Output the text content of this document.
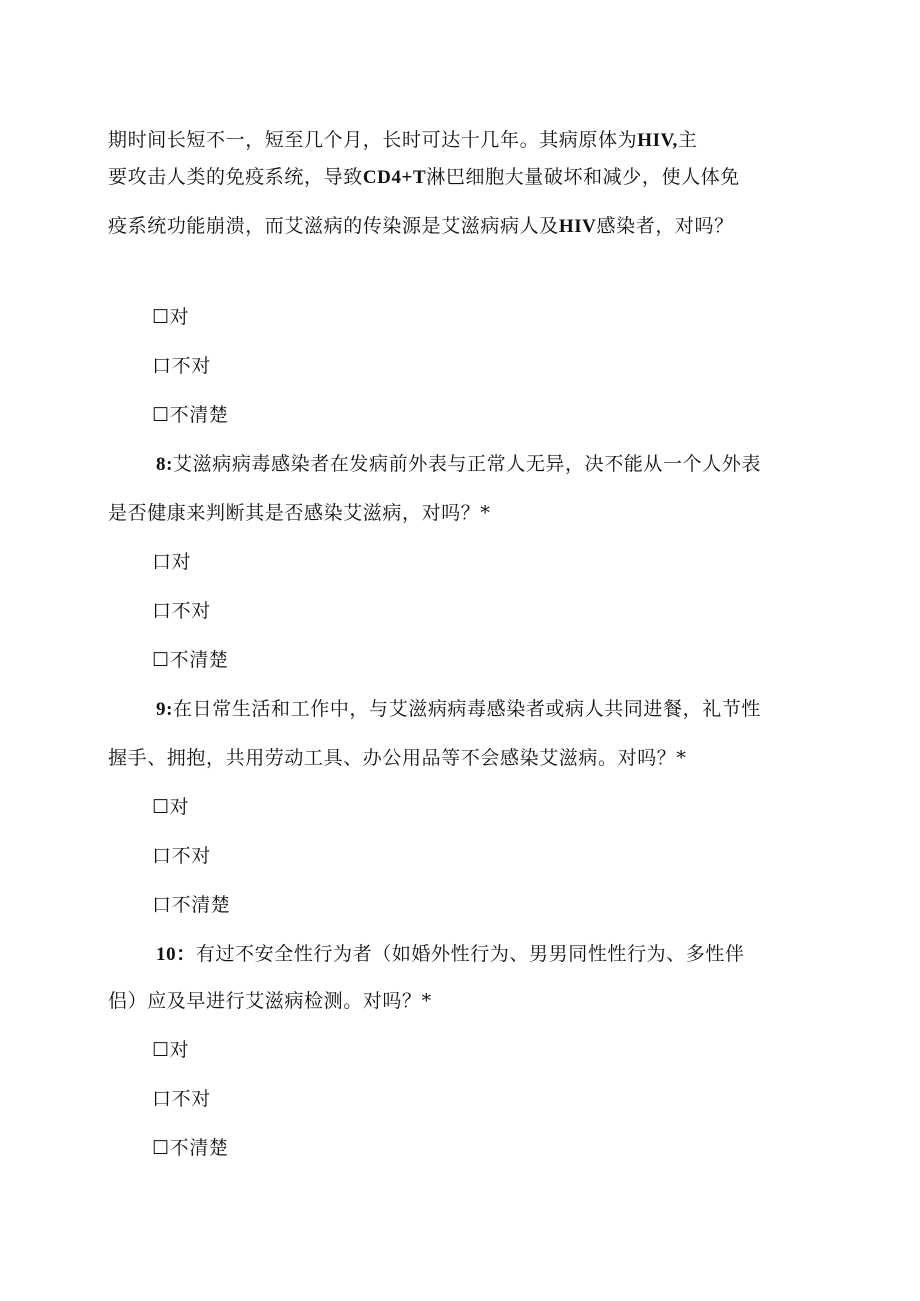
期时间长短不一，短至几个月，长时可达十几年。其病原体为HIV,主
要攻击人类的免疫系统，导致CD4+T淋巴细胞大量破坏和减少，使人体免
疫系统功能崩溃，而艾滋病的传染源是艾滋病病人及HIV感染者，对吗？
☐对
口不对
☐不清楚
8:艾滋病病毒感染者在发病前外表与正常人无异，决不能从一个人外表
是否健康来判断其是否感染艾滋病，对吗？*
口对
口不对
☐不清楚
9:在日常生活和工作中，与艾滋病病毒感染者或病人共同进餐，礼节性
握手、拥抱，共用劳动工具、办公用品等不会感染艾滋病。对吗？*
☐对
口不对
口不清楚
10：有过不安全性行为者（如婚外性行为、男男同性性行为、多性伴
侣）应及早进行艾滋病检测。对吗？*
☐对
口不对
☐不清楚
